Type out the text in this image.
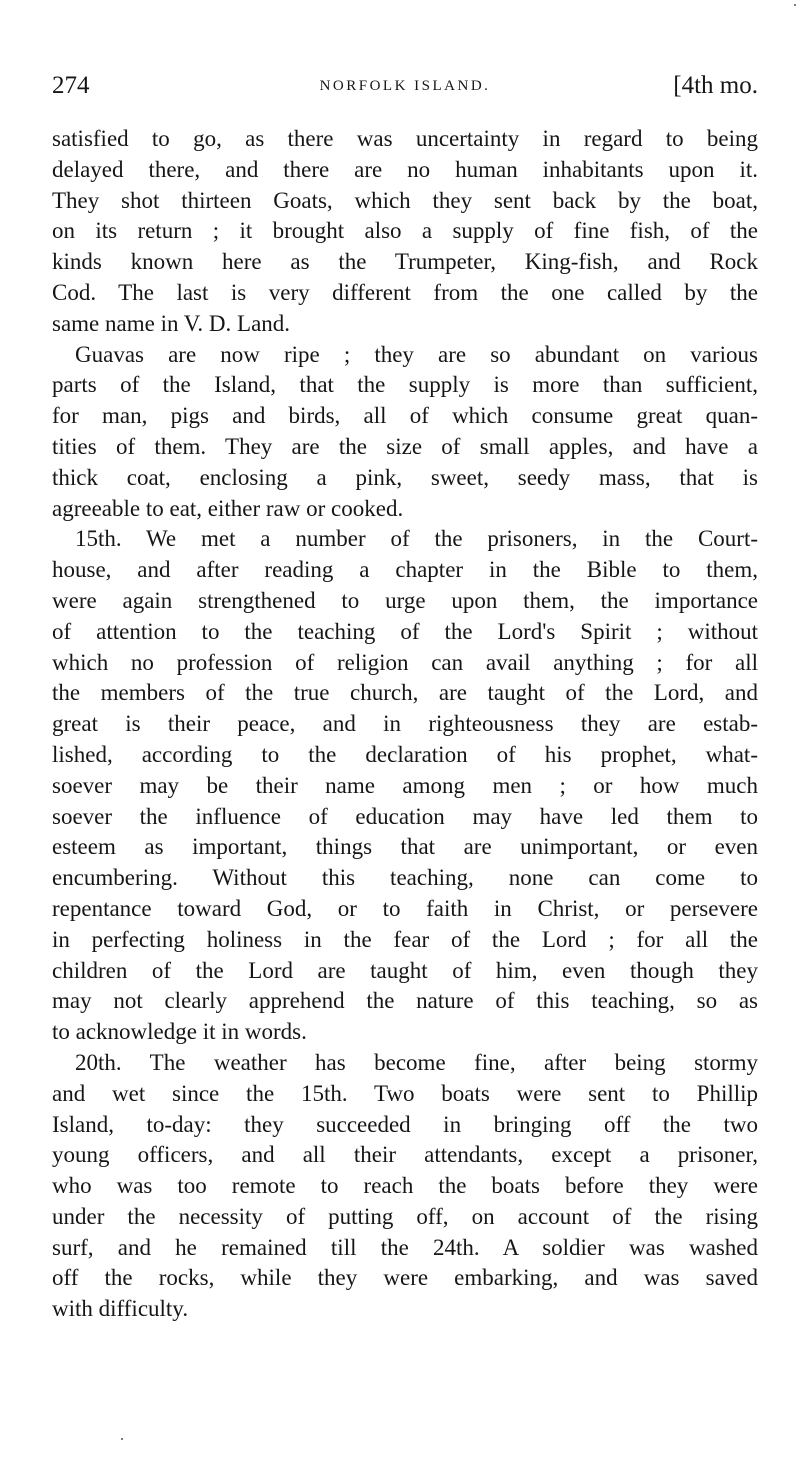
274	NORFOLK ISLAND.	[4th mo.
satisfied to go, as there was uncertainty in regard to being
delayed there, and there are no human inhabitants upon it.
They shot thirteen Goats, which they sent back by the boat,
on its return ; it brought also a supply of fine fish, of the
kinds known here as the Trumpeter, King-fish, and Rock
Cod. The last is very different from the one called by the
same name in V. D. Land.
Guavas are now ripe ; they are so abundant on various
parts of the Island, that the supply is more than sufficient,
for man, pigs and birds, all of which consume great quan-
tities of them. They are the size of small apples, and have a
thick coat, enclosing a pink, sweet, seedy mass, that is
agreeable to eat, either raw or cooked.
15th. We met a number of the prisoners, in the Court-
house, and after reading a chapter in the Bible to them,
were again strengthened to urge upon them, the importance
of attention to the teaching of the Lord's Spirit ; without
which no profession of religion can avail anything ; for all
the members of the true church, are taught of the Lord, and
great is their peace, and in righteousness they are estab-
lished, according to the declaration of his prophet, what-
soever may be their name among men ; or how much
soever the influence of education may have led them to
esteem as important, things that are unimportant, or even
encumbering. Without this teaching, none can come to
repentance toward God, or to faith in Christ, or persevere
in perfecting holiness in the fear of the Lord ; for all the
children of the Lord are taught of him, even though they
may not clearly apprehend the nature of this teaching, so as
to acknowledge it in words.
20th. The weather has become fine, after being stormy
and wet since the 15th. Two boats were sent to Phillip
Island, to-day: they succeeded in bringing off the two
young officers, and all their attendants, except a prisoner,
who was too remote to reach the boats before they were
under the necessity of putting off, on account of the rising
surf, and he remained till the 24th. A soldier was washed
off the rocks, while they were embarking, and was saved
with difficulty.
